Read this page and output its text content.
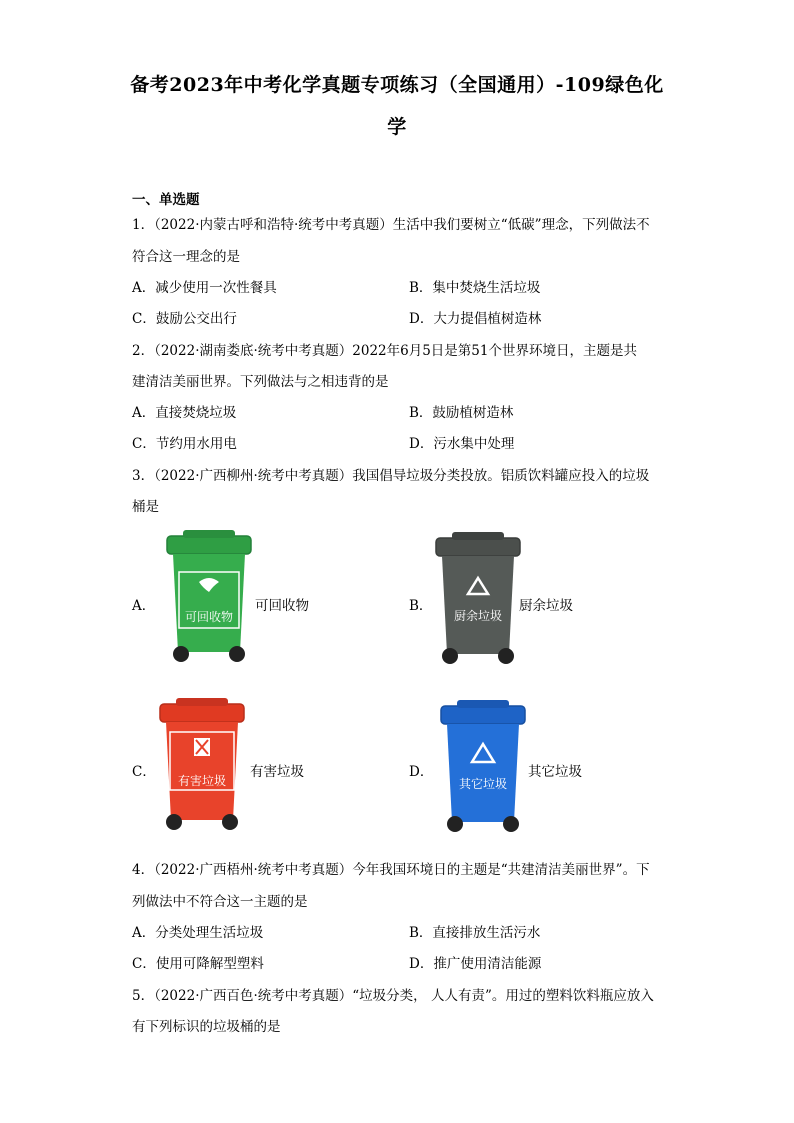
备考2023年中考化学真题专项练习（全国通用）-109绿色化
学
一、单选题
1．（2022·内蒙古呼和浩特·统考中考真题）生活中我们要树立“低碳”理念，下列做法不
符合这一理念的是
A．减少使用一次性餐具	B．集中焚烧生活垃圾
C．鼓励公交出行	D．大力提倡植树造林
2．（2022·湖南娄底·统考中考真题）2022年6月5日是第51个世界环境日，主题是共
建清洁美丽世界。下列做法与之相违背的是
A．直接焚烧垃圾	B．鼓励植树造林
C．节约用水用电	D．污水集中处理
3．（2022·广西柳州·统考中考真题）我国倡导垃圾分类投放。铝质饮料罐应投入的垃圾
桶是
A．
可回收物
可回收物	B．
厨余垃圾
厨余垃圾
C．
有害垃圾
有害垃圾	D．
其它垃圾
其它垃圾
4．（2022·广西梧州·统考中考真题）今年我国环境日的主题是“共建清洁美丽世界”。下
列做法中不符合这一主题的是
A．分类处理生活垃圾	B．直接排放生活污水
C．使用可降解型塑料	D．推广使用清洁能源
5．（2022·广西百色·统考中考真题）“垃圾分类， 人人有责”。用过的塑料饮料瓶应放入
有下列标识的垃圾桶的是
